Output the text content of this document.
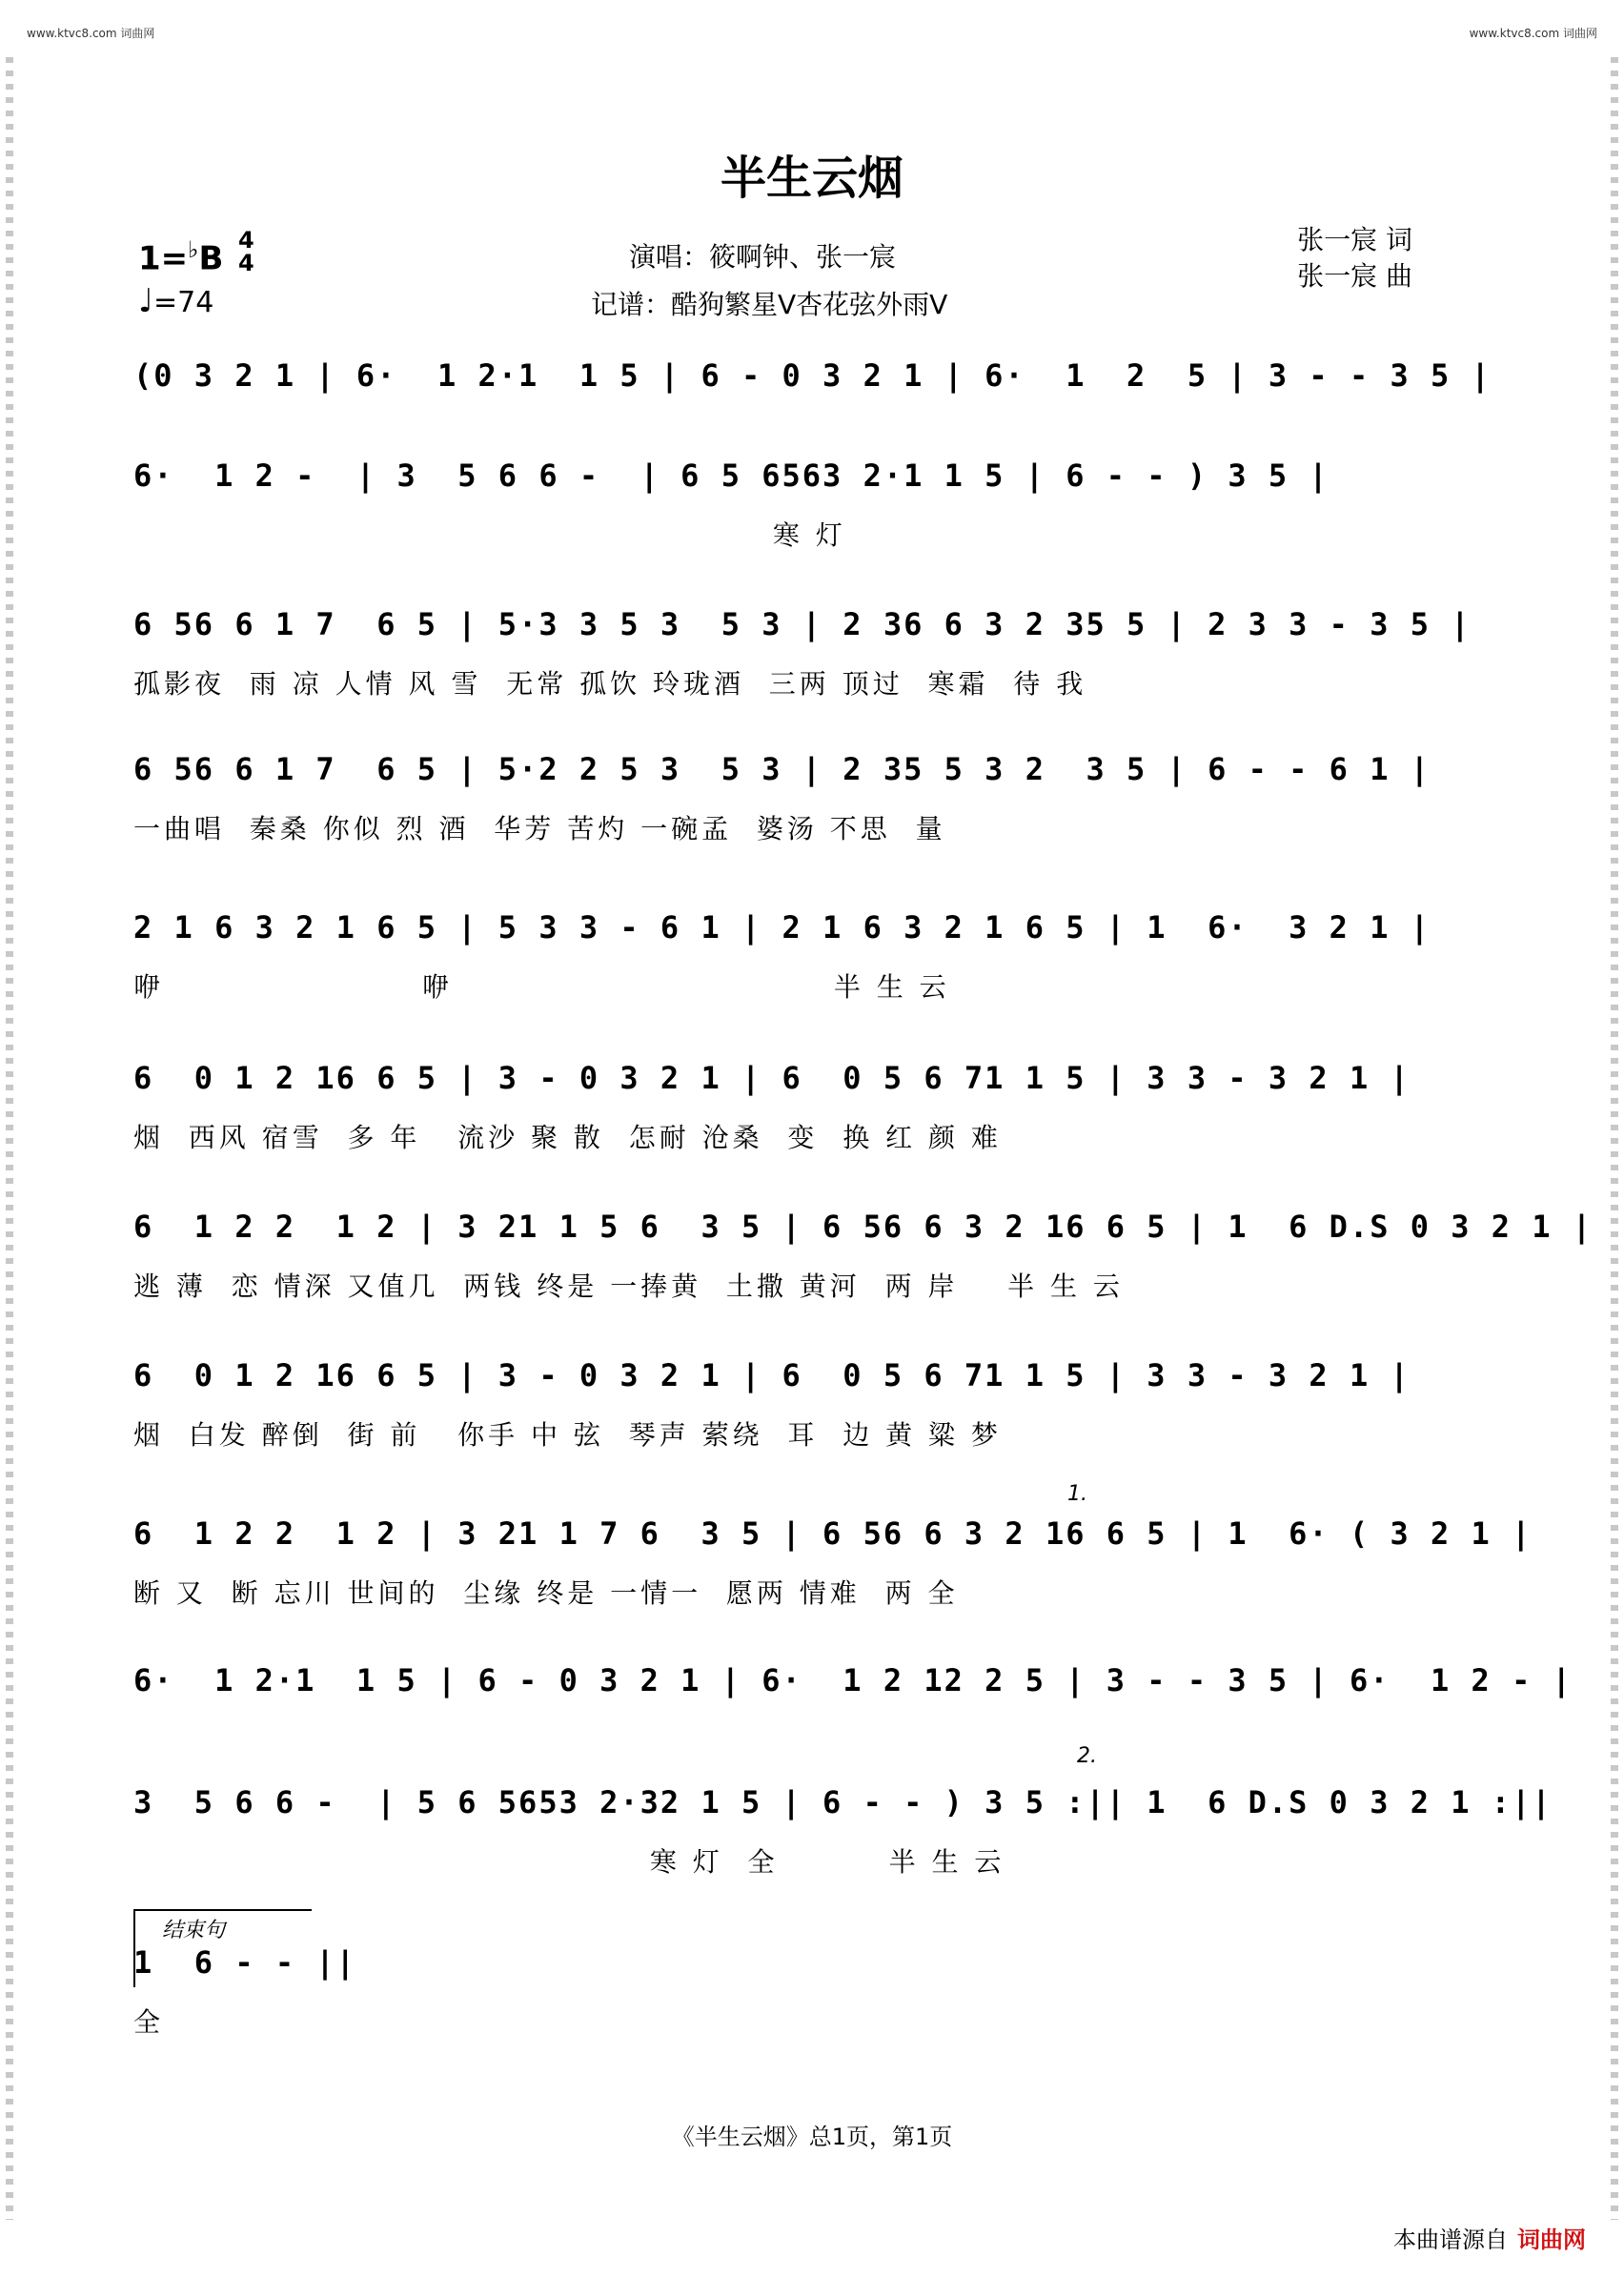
www.ktvc8.com 词曲网	www.ktvc8.com 词曲网
半生云烟
1=♭B 4
4
♩=74
演唱：筱啊钟、张一宸
记谱：酷狗繁星V杏花弦外雨V
张一宸 词
张一宸 曲
(0 3 2 1 | 6·  1 2·1  1 5 | 6 - 0 3 2 1 | 6·  1  2  5 | 3 - - 3 5 |
6·  1 2 -  | 3  5 6 6 -  | 6 5 6563 2·1 1 5 | 6 - - ) 3 5 |
寒 灯
6 56 6 1 7  6 5 | 5·3 3 5 3  5 3 | 2 36 6 3 2 35 5 | 2 3 3 - 3 5 |
孤影夜  雨 凉 人情 风 雪  无常 孤饮 玲珑酒  三两 顶过  寒霜  待 我
6 56 6 1 7  6 5 | 5·2 2 5 3  5 3 | 2 35 5 3 2  3 5 | 6 - - 6 1 |
一曲唱  秦桑 你似 烈 酒  华芳 苦灼 一碗孟  婆汤 不思  量
2 1 6 3 2 1 6 5 | 5 3 3 - 6 1 | 2 1 6 3 2 1 6 5 | 1  6·  3 2 1 |
咿                     咿                               半 生 云
6  0 1 2 16 6 5 | 3 - 0 3 2 1 | 6  0 5 6 71 1 5 | 3 3 - 3 2 1 |
烟  西风 宿雪  多 年   流沙 聚 散  怎耐 沧桑  变  换 红 颜 难
6  1 2 2  1 2 | 3 21 1 5 6  3 5 | 6 56 6 3 2 16 6 5 | 1  6 D.S 0 3 2 1 |
逃 薄  恋 情深 又值几  两钱 终是 一捧黄  土撒 黄河  两 岸    半 生 云
6  0 1 2 16 6 5 | 3 - 0 3 2 1 | 6  0 5 6 71 1 5 | 3 3 - 3 2 1 |
烟  白发 醉倒  街 前   你手 中 弦  琴声 萦绕  耳  边 黄 粱 梦
6  1 2 2  1 2 | 3 21 1 7 6  3 5 | 6 56 6 3 2 16 6 5 | 1  6· ( 3 2 1 |
断 又  断 忘川 世间的  尘缘 终是 一情一  愿两 情难  两 全
6·  1 2·1  1 5 | 6 - 0 3 2 1 | 6·  1 2 12 2 5 | 3 - - 3 5 | 6·  1 2 - |
3  5 6 6 -  | 5 6 5653 2·32 1 5 | 6 - - ) 3 5 :|| 1  6 D.S 0 3 2 1 :||
寒 灯  全         半 生 云
1.
2.
结束句
1  6 - - ||
全
《半生云烟》总1页，第1页
本曲谱源自 词曲网
